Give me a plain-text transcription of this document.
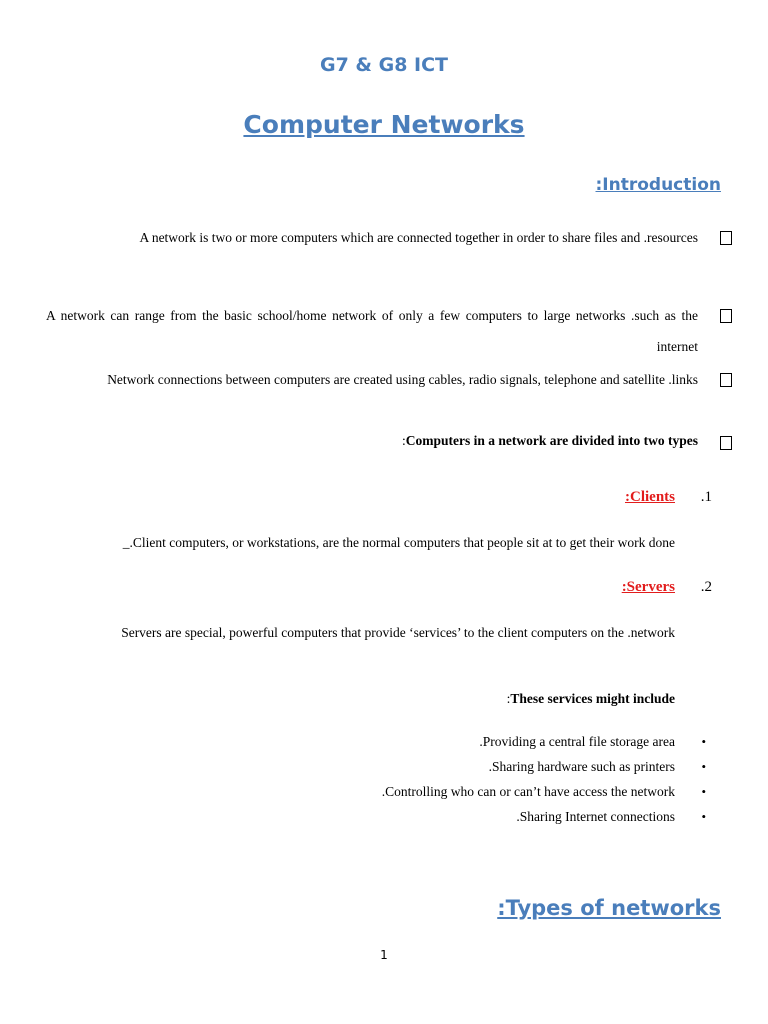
G7 & G8 ICT
Computer Networks
:Introduction
A network is two or more computers which are connected together in order to share files and .resources
A network can range from the basic school/home network of only a few computers to large networks .such as the internet
Network connections between computers are created using cables, radio signals, telephone and satellite .links
:Computers in a network are divided into two types
.1
:Clients
_.Client computers, or workstations, are the normal computers that people sit at to get their work done
.2
:Servers
Servers are special, powerful computers that provide ‘services’ to the client computers on the .network
:These services might include
.Providing a central file storage area •
.Sharing hardware such as printers •
.Controlling who can or can’t have access the network •
.Sharing Internet connections •
:Types of networks
1
